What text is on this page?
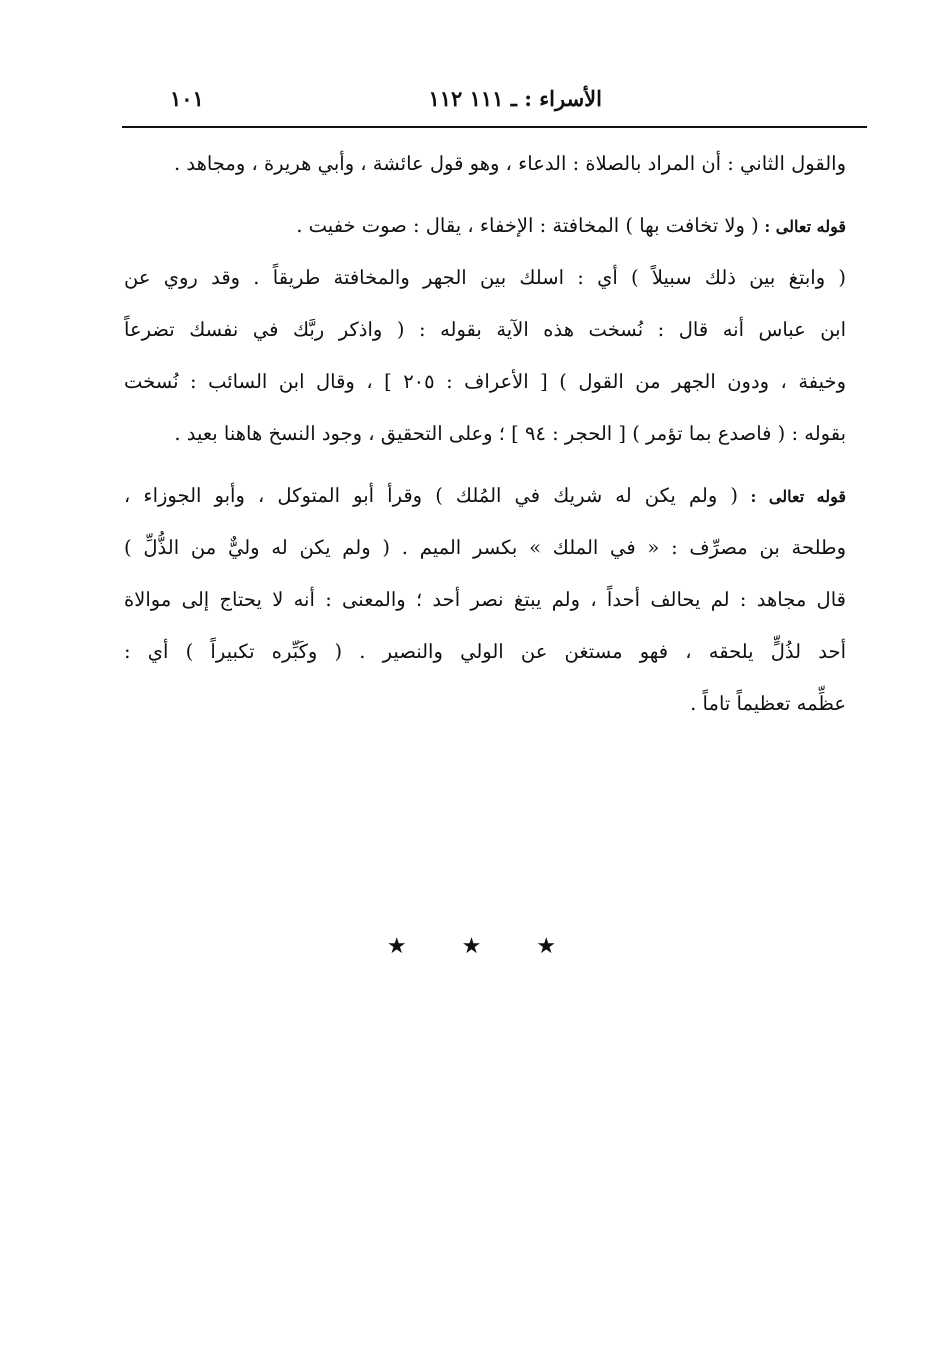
الأسراء : ـ ١١١ ١١٢
١٠١
والقول الثاني : أن المراد بالصلاة : الدعاء ، وهو قول عائشة ، وأبي هريرة ، ومجاهد .
قوله تعالى : ( ولا تخافت بها ) المخافتة : الإخفاء ، يقال : صوت خفيت .
( وابتغ بين ذلك سبيلاً ) أي : اسلك بين الجهر والمخافتة طريقاً . وقد روي عن
ابن عباس أنه قال : نُسخت هذه الآية بقوله : ( واذكر ربَّك في نفسك تضرعاً
وخيفة ، ودون الجهر من القول ) [ الأعراف : ٢٠٥ ] ، وقال ابن السائب : نُسخت
بقوله : ( فاصدع بما تؤمر ) [ الحجر : ٩٤ ] ؛ وعلى التحقيق ، وجود النسخ هاهنا بعيد .
قوله تعالى : ( ولم يكن له شريك في المُلك ) وقرأ أبو المتوكل ، وأبو الجوزاء ،
وطلحة بن مصرِّف : « في الملك » بكسر الميم . ( ولم يكن له وليٌّ من الذُّلِّ )
قال مجاهد : لم يحالف أحداً ، ولم يبتغ نصر أحد ؛ والمعنى : أنه لا يحتاج إلى موالاة
أحد لذُلٍّ يلحقه ، فهو مستغن عن الولي والنصير . ( وكَبِّره تكبيراً ) أي :
عظِّمه تعظيماً تاماً .
★	★	★
